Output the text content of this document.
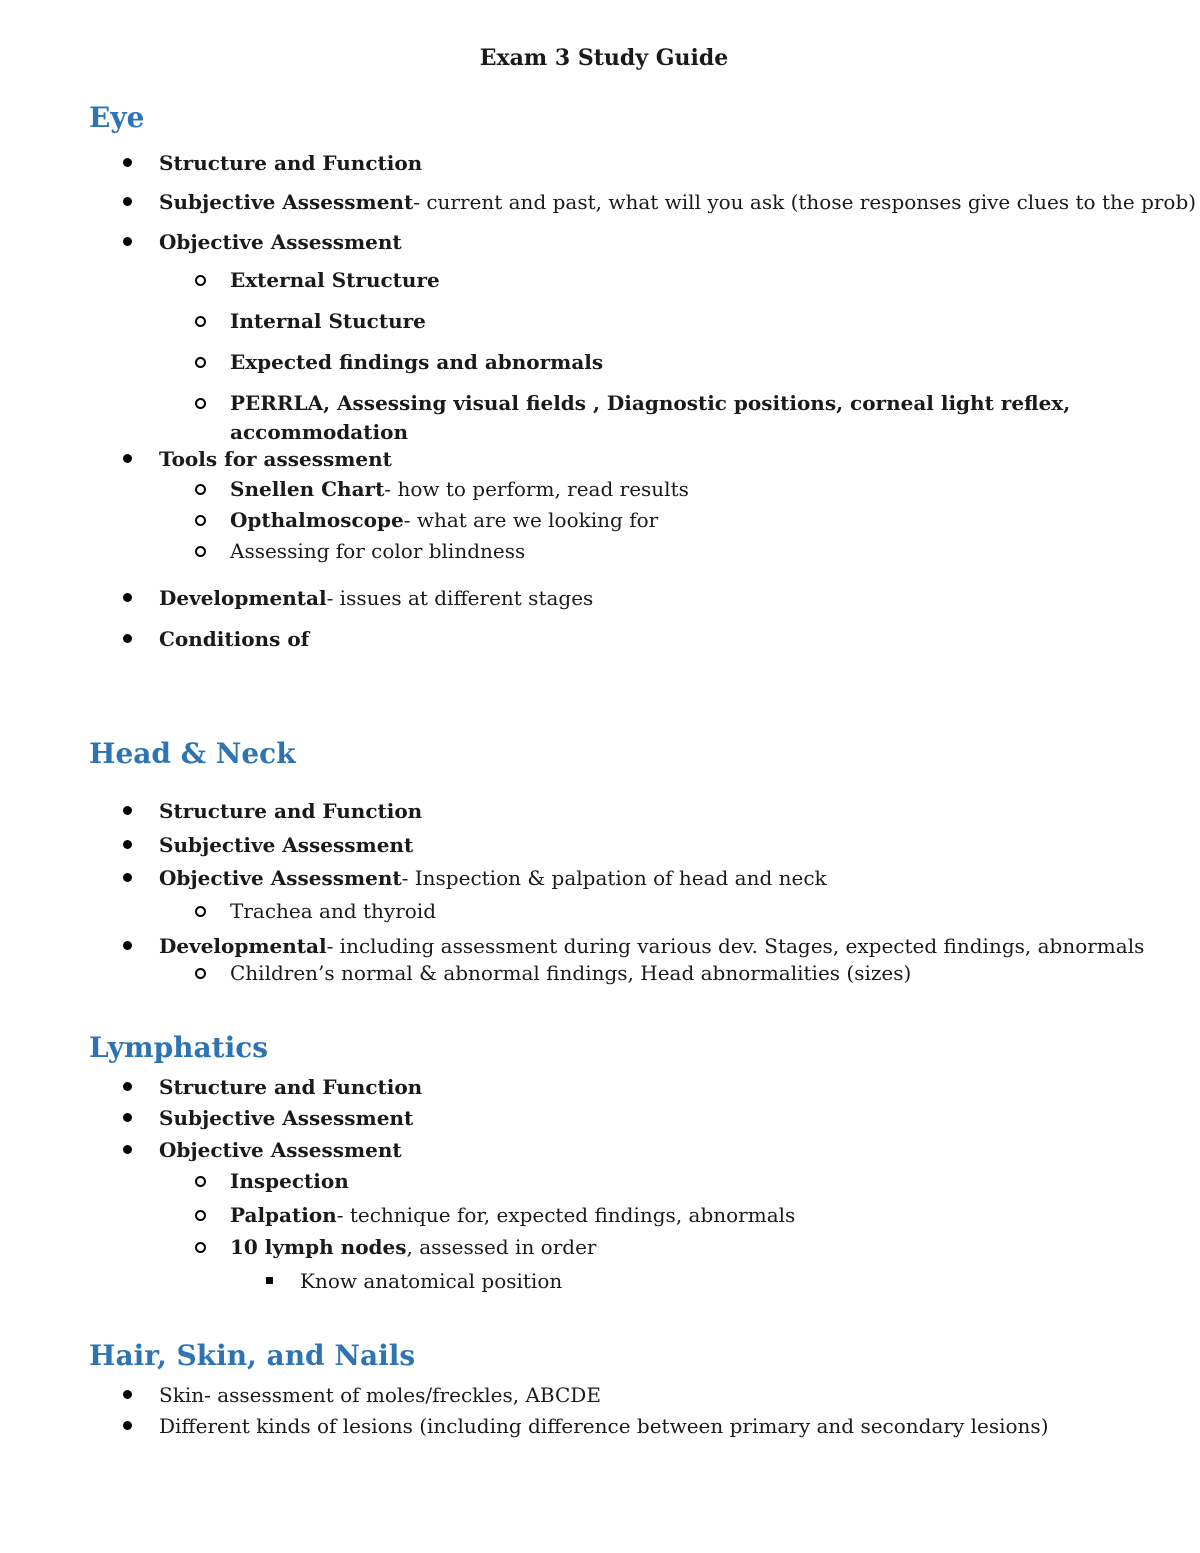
Exam 3 Study Guide
Eye
Structure and Function
Subjective Assessment- current and past, what will you ask (those responses give clues to the prob)
Objective Assessment
External Structure
Internal Stucture
Expected findings and abnormals
PERRLA, Assessing visual fields , Diagnostic positions, corneal light reflex,
accommodation
Tools for assessment
Snellen Chart- how to perform, read results
Opthalmoscope- what are we looking for
Assessing for color blindness
Developmental- issues at different stages
Conditions of
Head & Neck
Structure and Function
Subjective Assessment
Objective Assessment- Inspection & palpation of head and neck
Trachea and thyroid
Developmental- including assessment during various dev. Stages, expected findings, abnormals
Children’s normal & abnormal findings, Head abnormalities (sizes)
Lymphatics
Structure and Function
Subjective Assessment
Objective Assessment
Inspection
Palpation- technique for, expected findings, abnormals
10 lymph nodes, assessed in order
Know anatomical position
Hair, Skin, and Nails
Skin- assessment of moles/freckles, ABCDE
Different kinds of lesions (including difference between primary and secondary lesions)
